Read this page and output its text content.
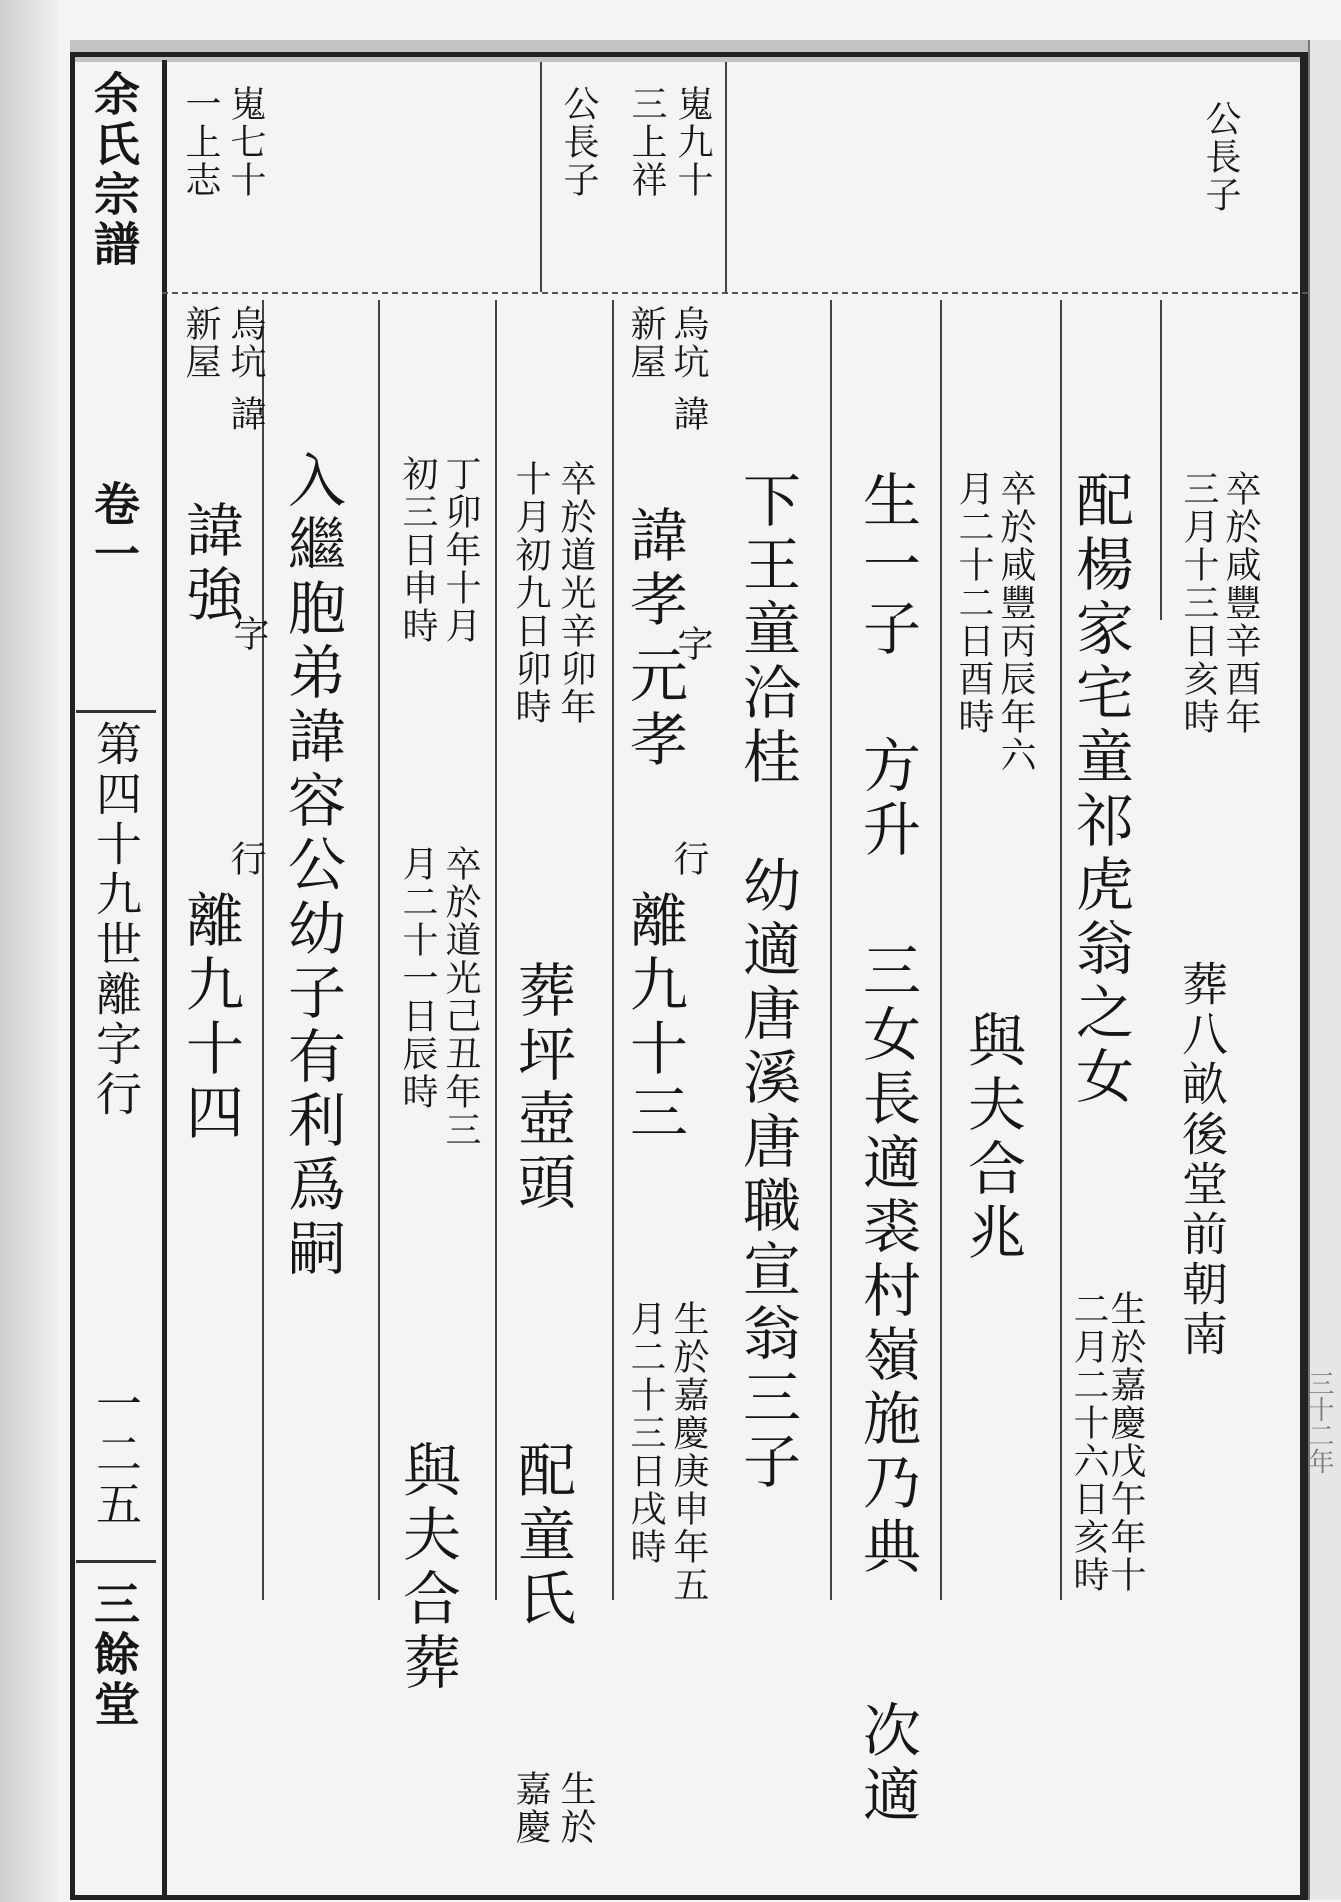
三十二年
余氏宗譜
卷一
第四十九世離字行
一二五
三餘堂
嵬七十
一上志	嵬九十
三上祥
公長子	公長子
卒於咸豐辛酉年
三月十三日亥時
葬八畝後堂前朝南
生於嘉慶戊午年十
二月二十六日亥時
配楊家宅童祁虎翁之女
卒於咸豐丙辰年六
月二十二日酉時
與夫合兆
生一子
方升
三女長適裘村嶺施乃典
次適
下王童洽桂
幼適唐溪唐職宣翁三子
烏坑
新屋
諱
諱孝
字
元孝
行
離九十三
生於嘉慶庚申年五
月二十三日戌時
卒於道光辛卯年
十月初九日卯時
葬坪壺頭
配童氏
生於
嘉慶
丁卯年十月
初三日申時
卒於道光己丑年三
月二十一日辰時
與夫合葬
入繼胞弟諱容公幼子有利爲嗣
烏坑
新屋
諱
諱強
字
行
離九十四
